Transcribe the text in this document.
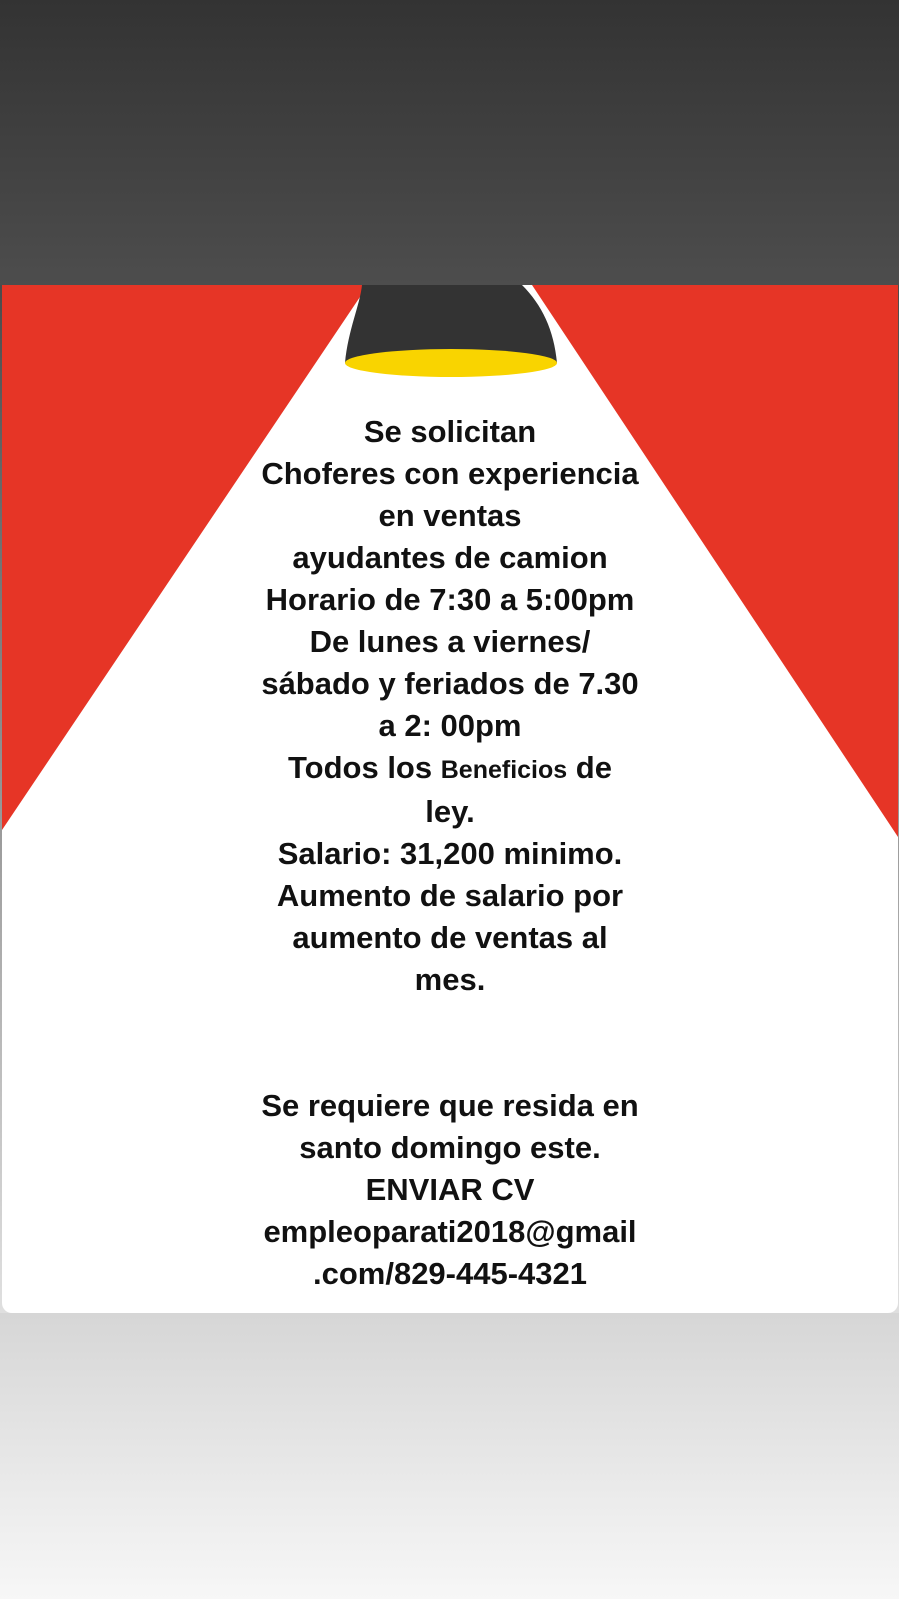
Se solicitan
Choferes con experiencia
en ventas
ayudantes de camion
Horario de 7:30 a 5:00pm
De lunes a viernes/
sábado y feriados de 7.30
a 2: 00pm
Todos los Beneficios de
ley.
Salario: 31,200 minimo.
Aumento de salario por
aumento de ventas al
mes.
Se requiere que resida en
santo domingo este.
ENVIAR CV
empleoparati2018@gmail
.com/829-445-4321
